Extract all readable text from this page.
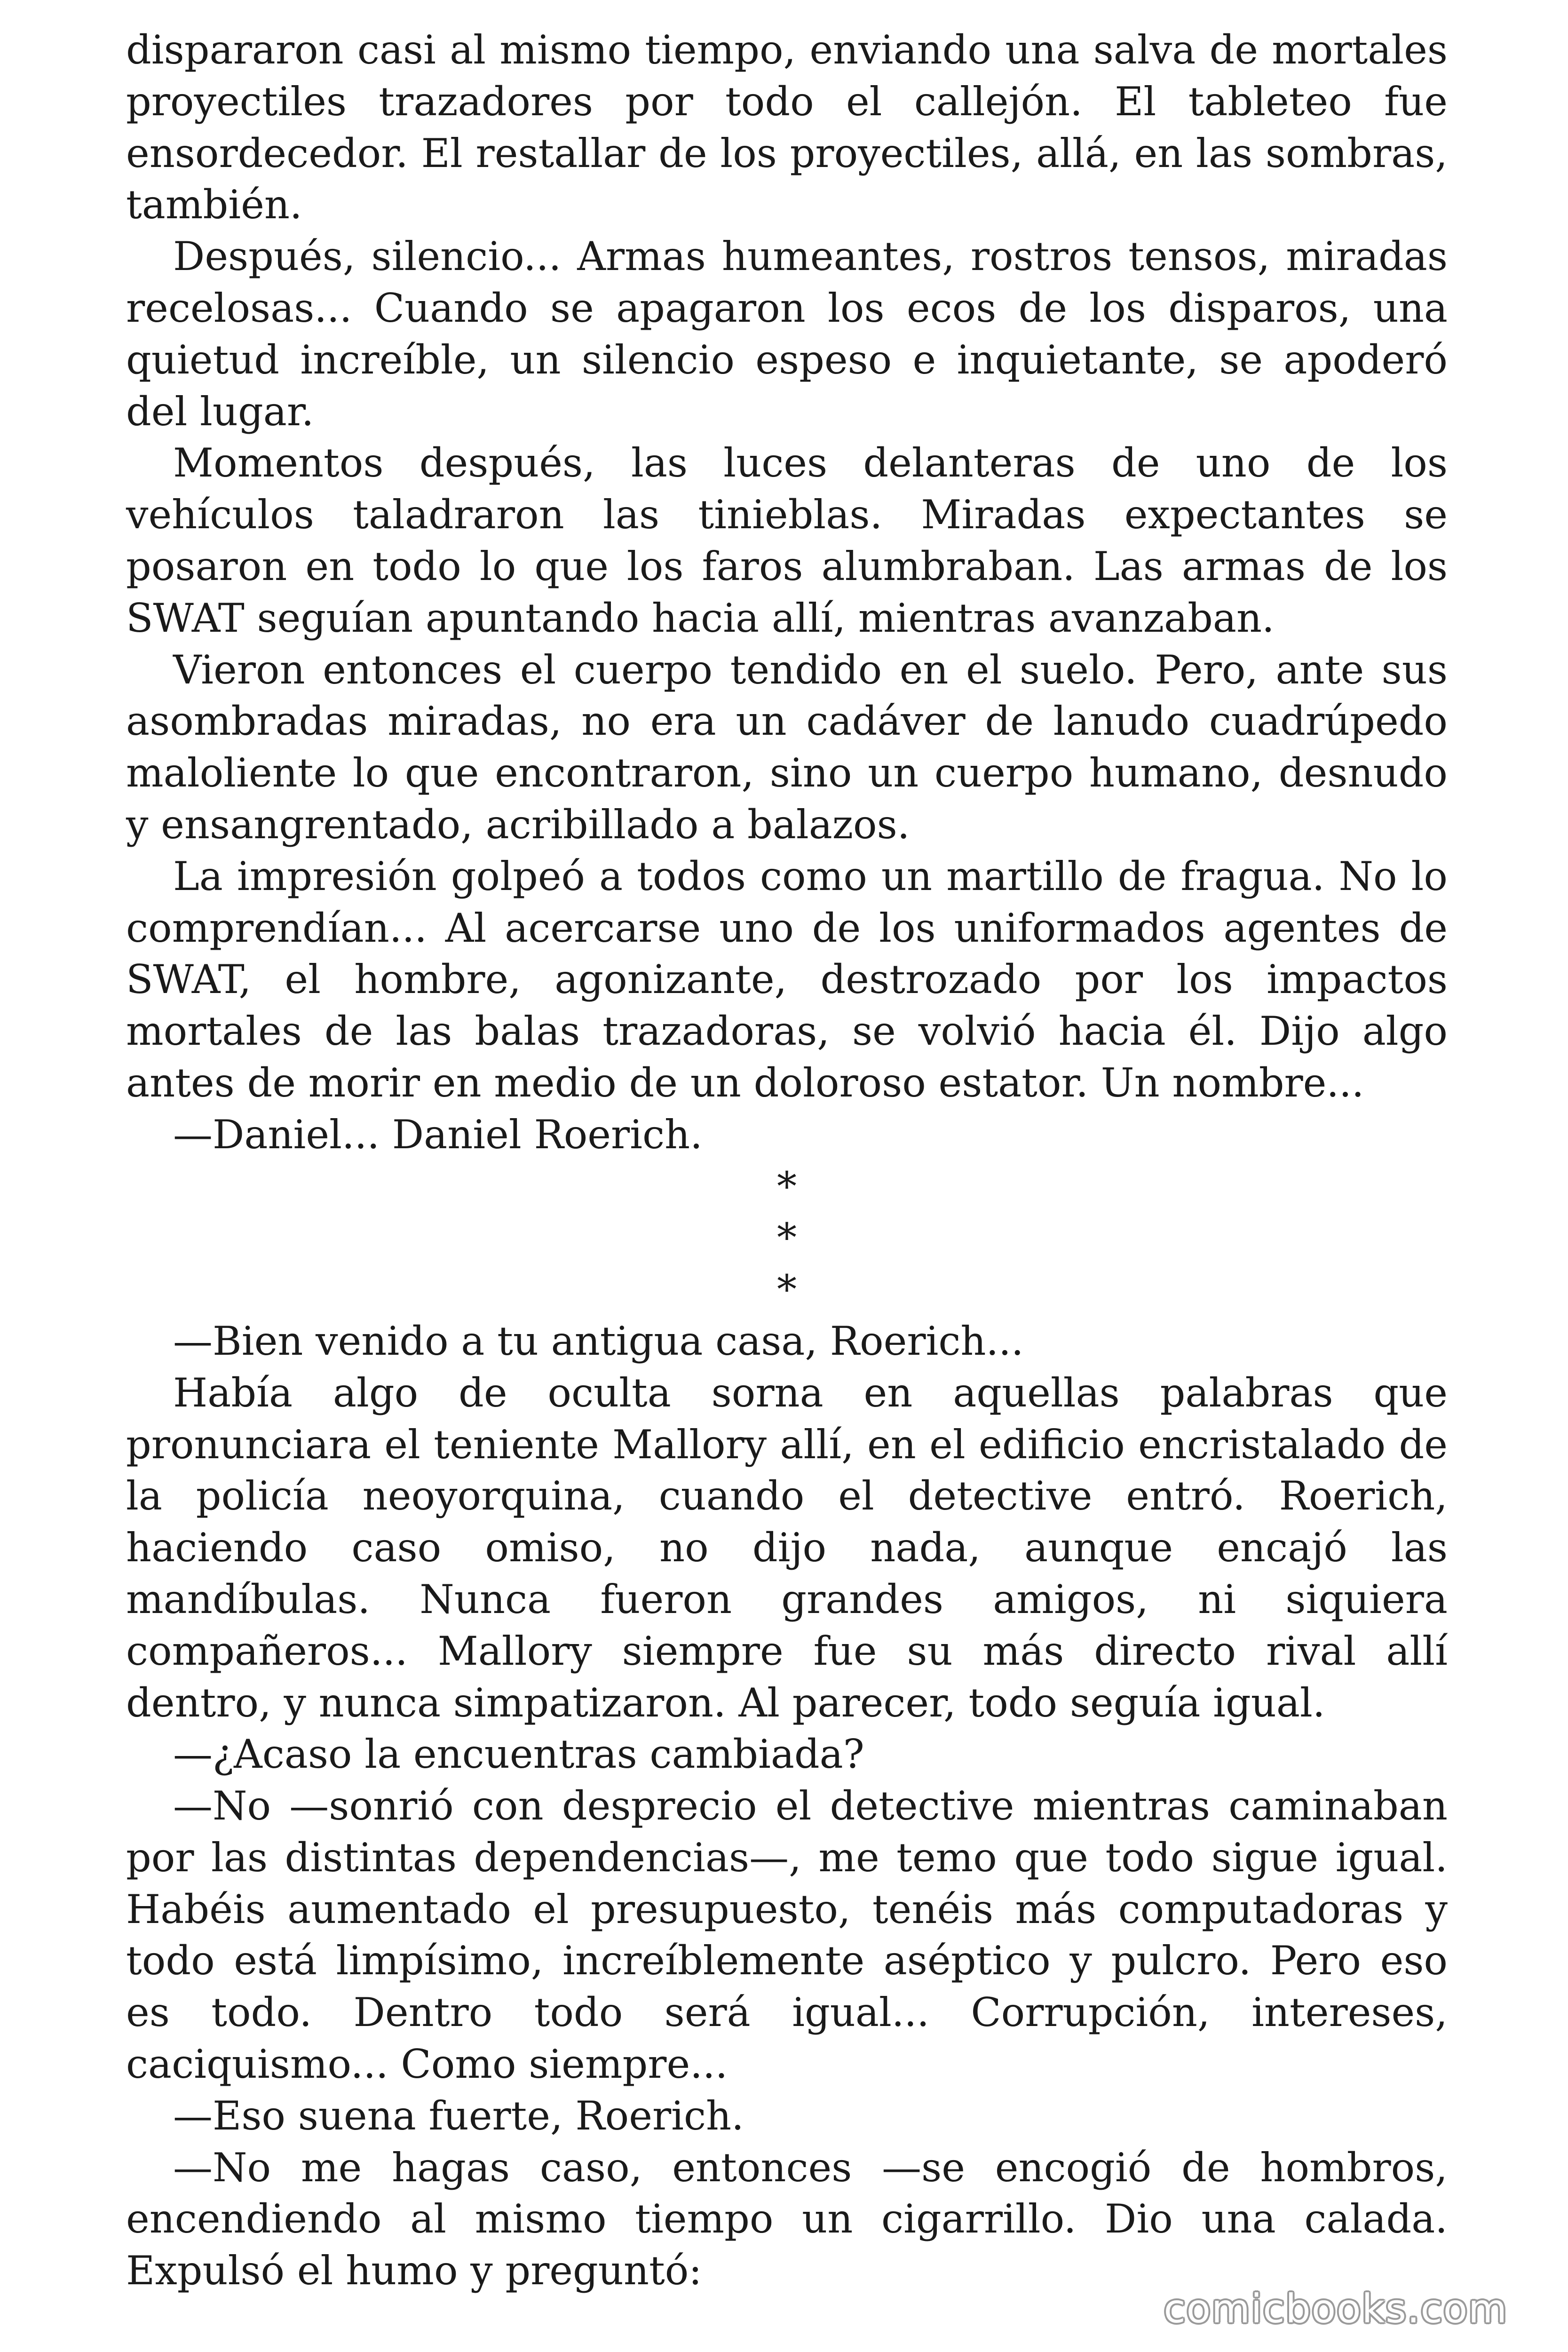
dispararon casi al mismo tiempo, enviando una salva de mortales proyectiles trazadores por todo el callejón. El tableteo fue ensordecedor. El restallar de los proyectiles, allá, en las sombras, también.

Después, silencio... Armas humeantes, rostros tensos, miradas recelosas... Cuando se apagaron los ecos de los disparos, una quietud increíble, un silencio espeso e inquietante, se apoderó del lugar.

Momentos después, las luces delanteras de uno de los vehículos taladraron las tinieblas. Miradas expectantes se posaron en todo lo que los faros alumbraban. Las armas de los SWAT seguían apuntando hacia allí, mientras avanzaban.

Vieron entonces el cuerpo tendido en el suelo. Pero, ante sus asombradas miradas, no era un cadáver de lanudo cuadrúpedo maloliente lo que encontraron, sino un cuerpo humano, desnudo y ensangrentado, acribillado a balazos.

La impresión golpeó a todos como un martillo de fragua. No lo comprendían... Al acercarse uno de los uniformados agentes de SWAT, el hombre, agonizante, destrozado por los impactos mortales de las balas trazadoras, se volvió hacia él. Dijo algo antes de morir en medio de un doloroso estator. Un nombre...

—Daniel... Daniel Roerich.

*
*
*

—Bien venido a tu antigua casa, Roerich...

Había algo de oculta sorna en aquellas palabras que pronunciara el teniente Mallory allí, en el edificio encristalado de la policía neoyorquina, cuando el detective entró. Roerich, haciendo caso omiso, no dijo nada, aunque encajó las mandíbulas. Nunca fueron grandes amigos, ni siquiera compañeros... Mallory siempre fue su más directo rival allí dentro, y nunca simpatizaron. Al parecer, todo seguía igual.

—¿Acaso la encuentras cambiada?

—No —sonrió con desprecio el detective mientras caminaban por las distintas dependencias—, me temo que todo sigue igual. Habéis aumentado el presupuesto, tenéis más computadoras y todo está limpísimo, increíblemente aséptico y pulcro. Pero eso es todo. Dentro todo será igual... Corrupción, intereses, caciquismo... Como siempre...

—Eso suena fuerte, Roerich.

—No me hagas caso, entonces —se encogió de hombros, encendiendo al mismo tiempo un cigarrillo. Dio una calada. Expulsó el humo y preguntó:

comicbooks.com
